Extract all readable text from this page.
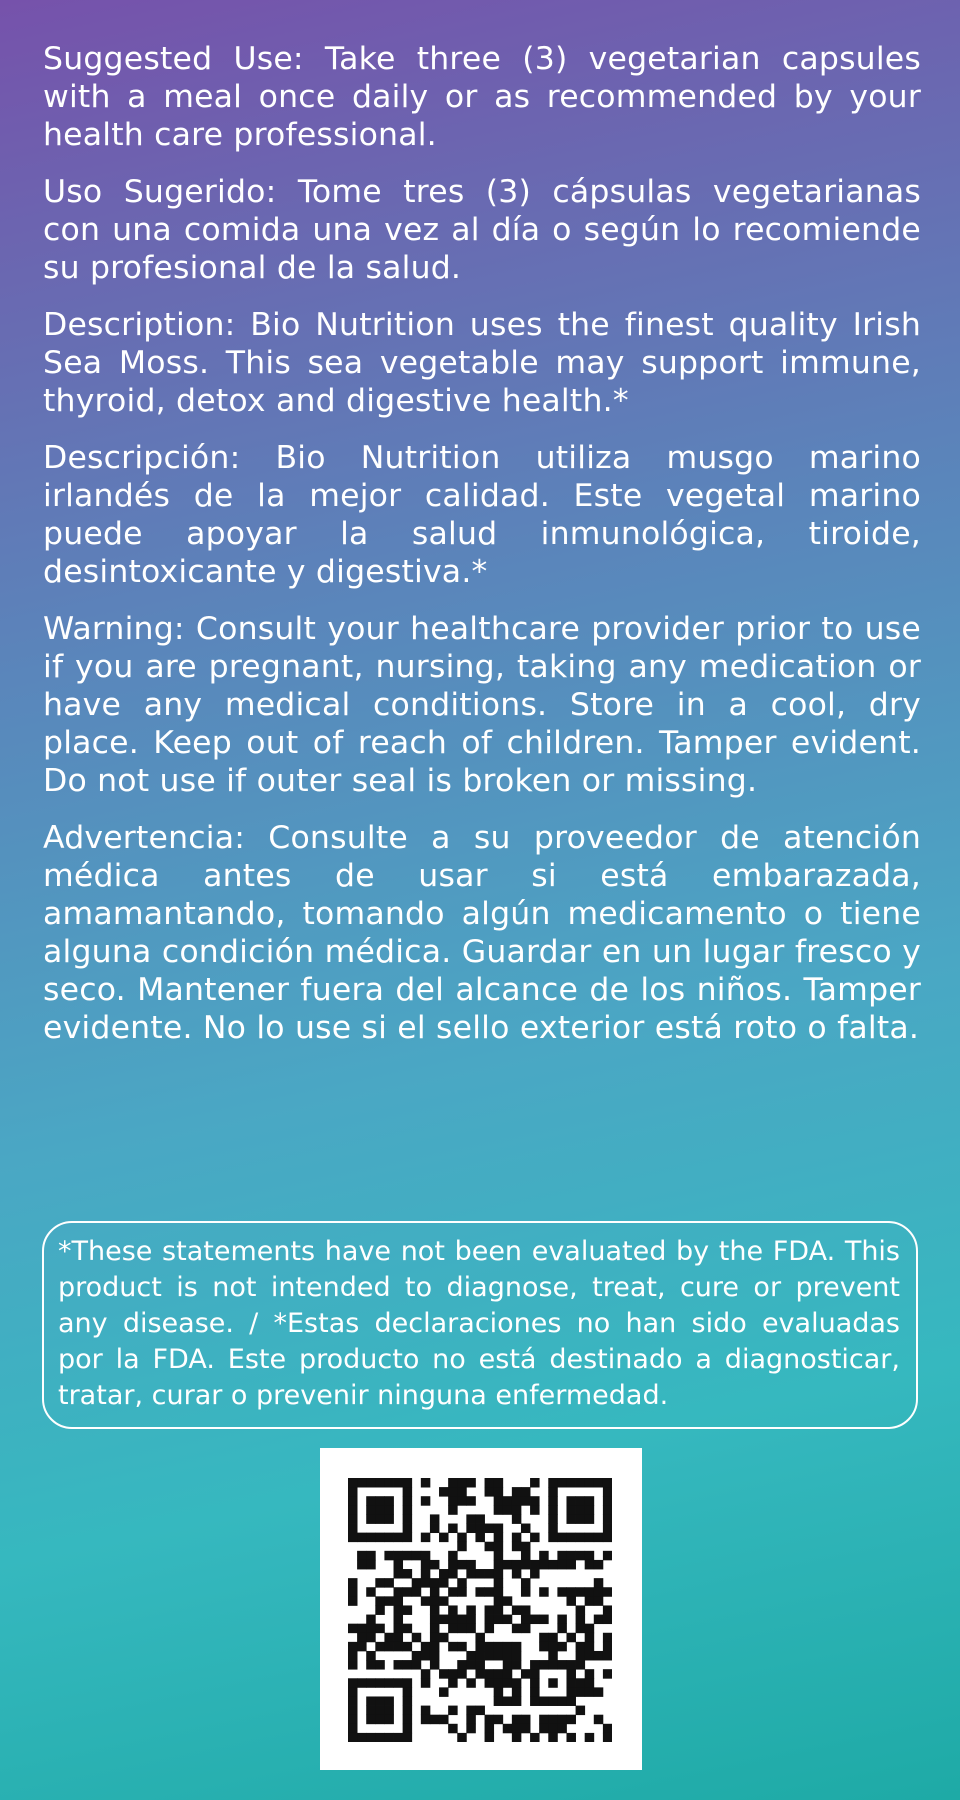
Suggested Use: Take three (3) vegetarian capsules with a meal once daily or as recommended by your health care professional.

Uso Sugerido: Tome tres (3) cápsulas vegetarianas con una comida una vez al día o según lo recomiende su profesional de la salud.

Description: Bio Nutrition uses the finest quality Irish Sea Moss. This sea vegetable may support immune, thyroid, detox and digestive health.*

Descripción: Bio Nutrition utiliza musgo marino irlandés de la mejor calidad. Este vegetal marino puede apoyar la salud inmunológica, tiroide, desintoxicante y digestiva.*

Warning: Consult your healthcare provider prior to use if you are pregnant, nursing, taking any medication or have any medical conditions. Store in a cool, dry place. Keep out of reach of children. Tamper evident. Do not use if outer seal is broken or missing.

Advertencia: Consulte a su proveedor de atención médica antes de usar si está embarazada, amamantando, tomando algún medicamento o tiene alguna condición médica. Guardar en un lugar fresco y seco. Mantener fuera del alcance de los niños. Tamper evidente. No lo use si el sello exterior está roto o falta.

*These statements have not been evaluated by the FDA. This product is not intended to diagnose, treat, cure or prevent any disease. / *Estas declaraciones no han sido evaluadas por la FDA. Este producto no está destinado a diagnosticar, tratar, curar o prevenir ninguna enfermedad.
